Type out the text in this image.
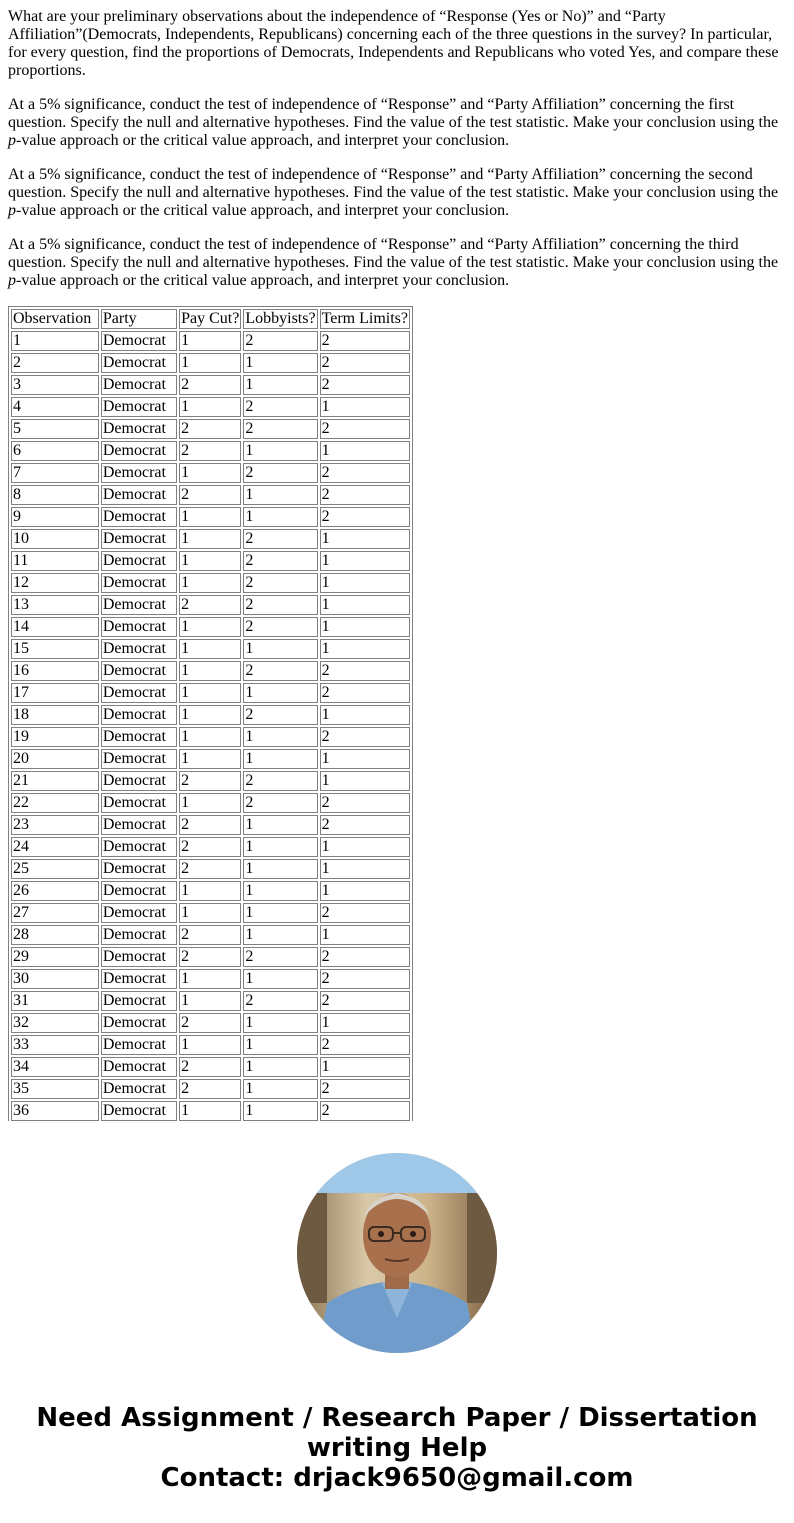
What are your preliminary observations about the independence of “Response (Yes or No)” and “Party Affiliation”(Democrats, Independents, Republicans) concerning each of the three questions in the survey? In particular, for every question, find the proportions of Democrats, Independents and Republicans who voted Yes, and compare these proportions.

At a 5% significance, conduct the test of independence of “Response” and “Party Affiliation” concerning the first question. Specify the null and alternative hypotheses. Find the value of the test statistic. Make your conclusion using the p-value approach or the critical value approach, and interpret your conclusion.

At a 5% significance, conduct the test of independence of “Response” and “Party Affiliation” concerning the second question. Specify the null and alternative hypotheses. Find the value of the test statistic. Make your conclusion using the p-value approach or the critical value approach, and interpret your conclusion.

At a 5% significance, conduct the test of independence of “Response” and “Party Affiliation” concerning the third question. Specify the null and alternative hypotheses. Find the value of the test statistic. Make your conclusion using the p-value approach or the critical value approach, and interpret your conclusion.

Observation	Party	Pay Cut?	Lobbyists?	Term Limits?
1	Democrat	1	2	2
2	Democrat	1	1	2
3	Democrat	2	1	2
4	Democrat	1	2	1
5	Democrat	2	2	2
6	Democrat	2	1	1
7	Democrat	1	2	2
8	Democrat	2	1	2
9	Democrat	1	1	2
10	Democrat	1	2	1
11	Democrat	1	2	1
12	Democrat	1	2	1
13	Democrat	2	2	1
14	Democrat	1	2	1
15	Democrat	1	1	1
16	Democrat	1	2	2
17	Democrat	1	1	2
18	Democrat	1	2	1
19	Democrat	1	1	2
20	Democrat	1	1	1
21	Democrat	2	2	1
22	Democrat	1	2	2
23	Democrat	2	1	2
24	Democrat	2	1	1
25	Democrat	2	1	1
26	Democrat	1	1	1
27	Democrat	1	1	2
28	Democrat	2	1	1
29	Democrat	2	2	2
30	Democrat	1	1	2
31	Democrat	1	2	2
32	Democrat	2	1	1
33	Democrat	1	1	2
34	Democrat	2	1	1
35	Democrat	2	1	2
36	Democrat	1	1	2
Need Assignment / Research Paper / Dissertation
writing Help
Contact: drjack9650@gmail.com
